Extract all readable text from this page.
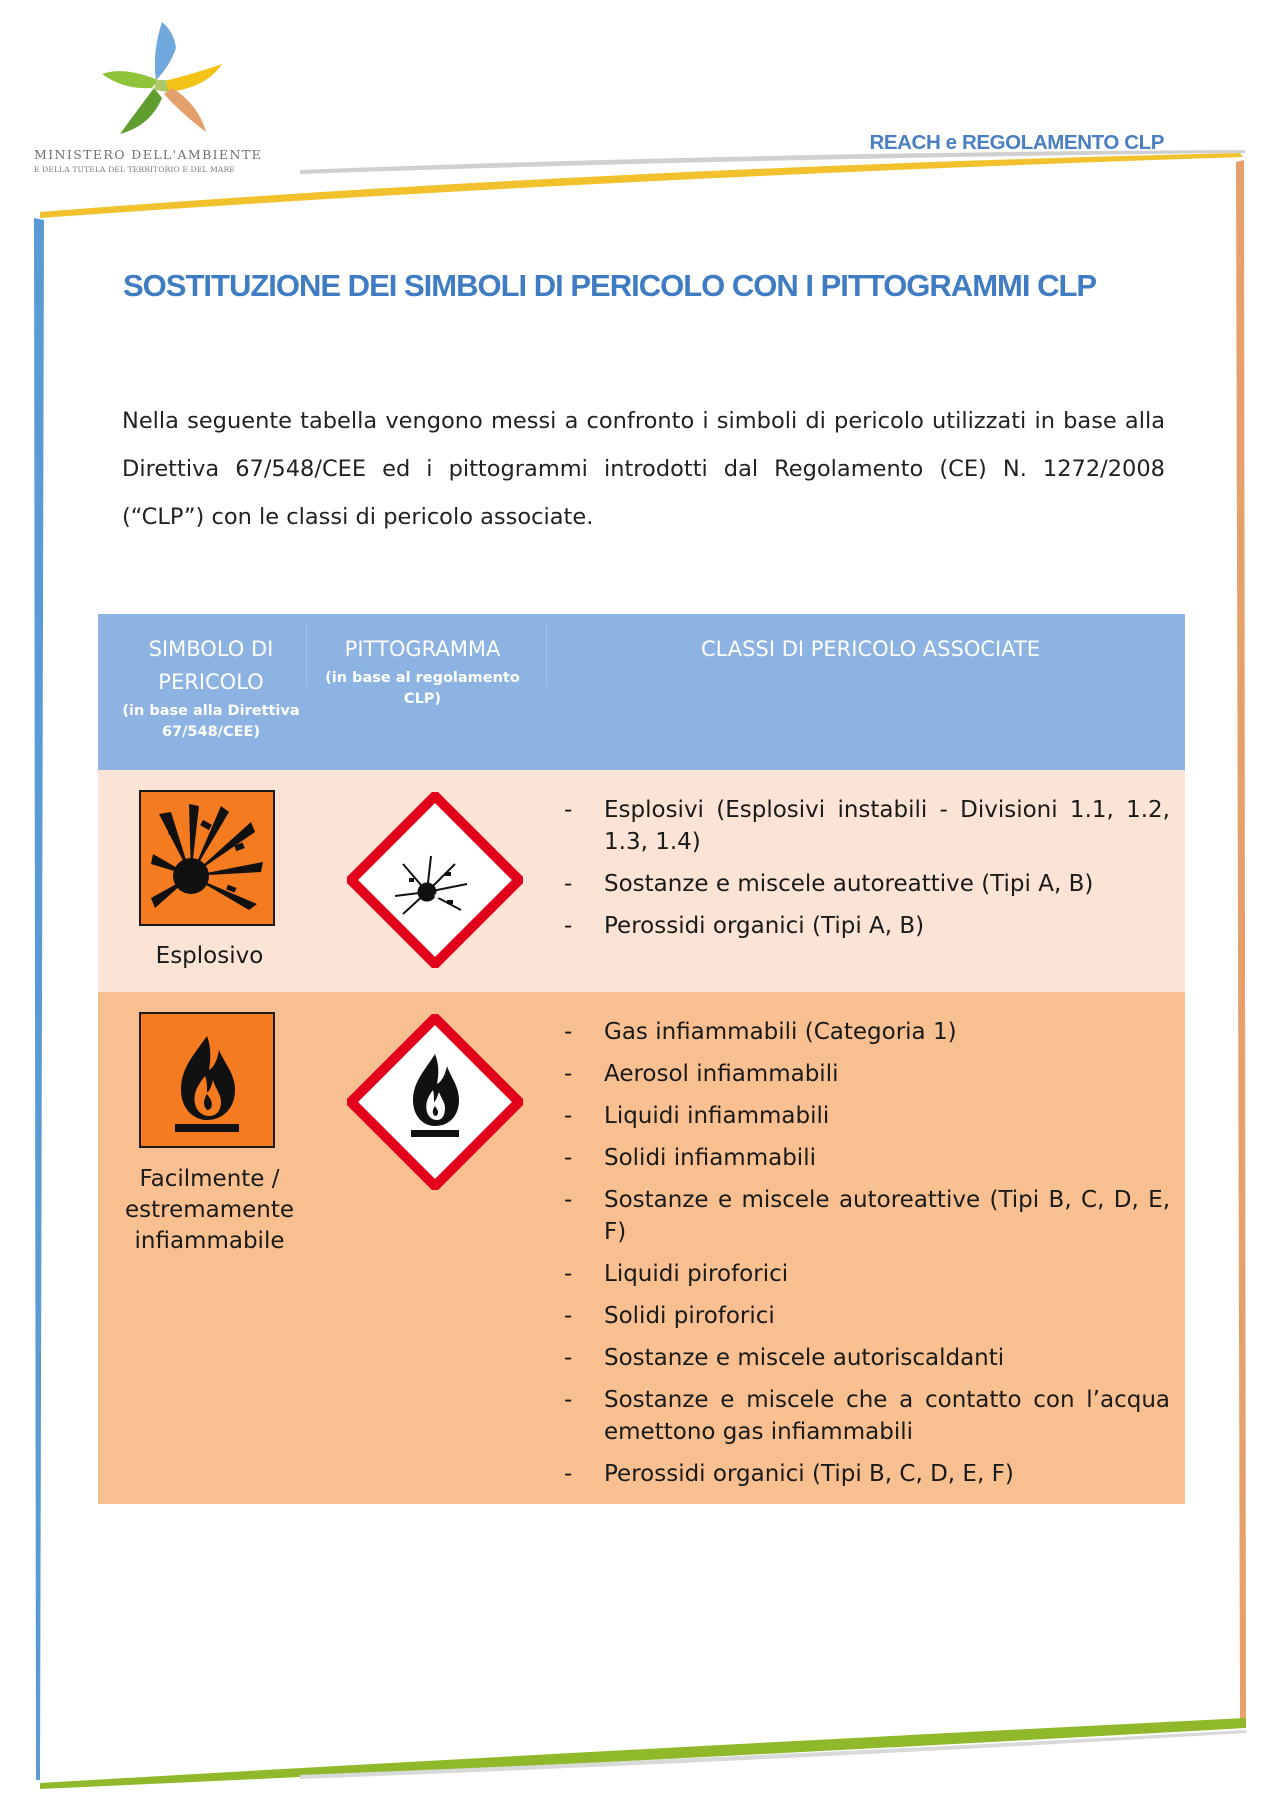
MINISTERO DELL'AMBIENTE
E DELLA TUTELA DEL TERRITORIO E DEL MARE
REACH e REGOLAMENTO CLP
SOSTITUZIONE DEI SIMBOLI DI PERICOLO CON I PITTOGRAMMI CLP

Nella seguente tabella vengono messi a confronto i simboli di pericolo utilizzati in base alla Direttiva 67/548/CEE ed i pittogrammi introdotti dal Regolamento (CE) N. 1272/2008 (“CLP”) con le classi di pericolo associate.

SIMBOLO DI PERICOLO
(in base alla Direttiva 67/548/CEE)
PITTOGRAMMA
(in base al regolamento CLP)
CLASSI DI PERICOLO ASSOCIATE
Esplosivo
- Esplosivi (Esplosivi instabili - Divisioni 1.1, 1.2, 1.3, 1.4)
- Sostanze e miscele autoreattive (Tipi A, B)
- Perossidi organici (Tipi A, B)
Facilmente / estremamente infiammabile
- Gas infiammabili (Categoria 1)
- Aerosol infiammabili
- Liquidi infiammabili
- Solidi infiammabili
- Sostanze e miscele autoreattive (Tipi B, C, D, E, F)
- Liquidi piroforici
- Solidi piroforici
- Sostanze e miscele autoriscaldanti
- Sostanze e miscele che a contatto con l’acqua emettono gas infiammabili
- Perossidi organici (Tipi B, C, D, E, F)
